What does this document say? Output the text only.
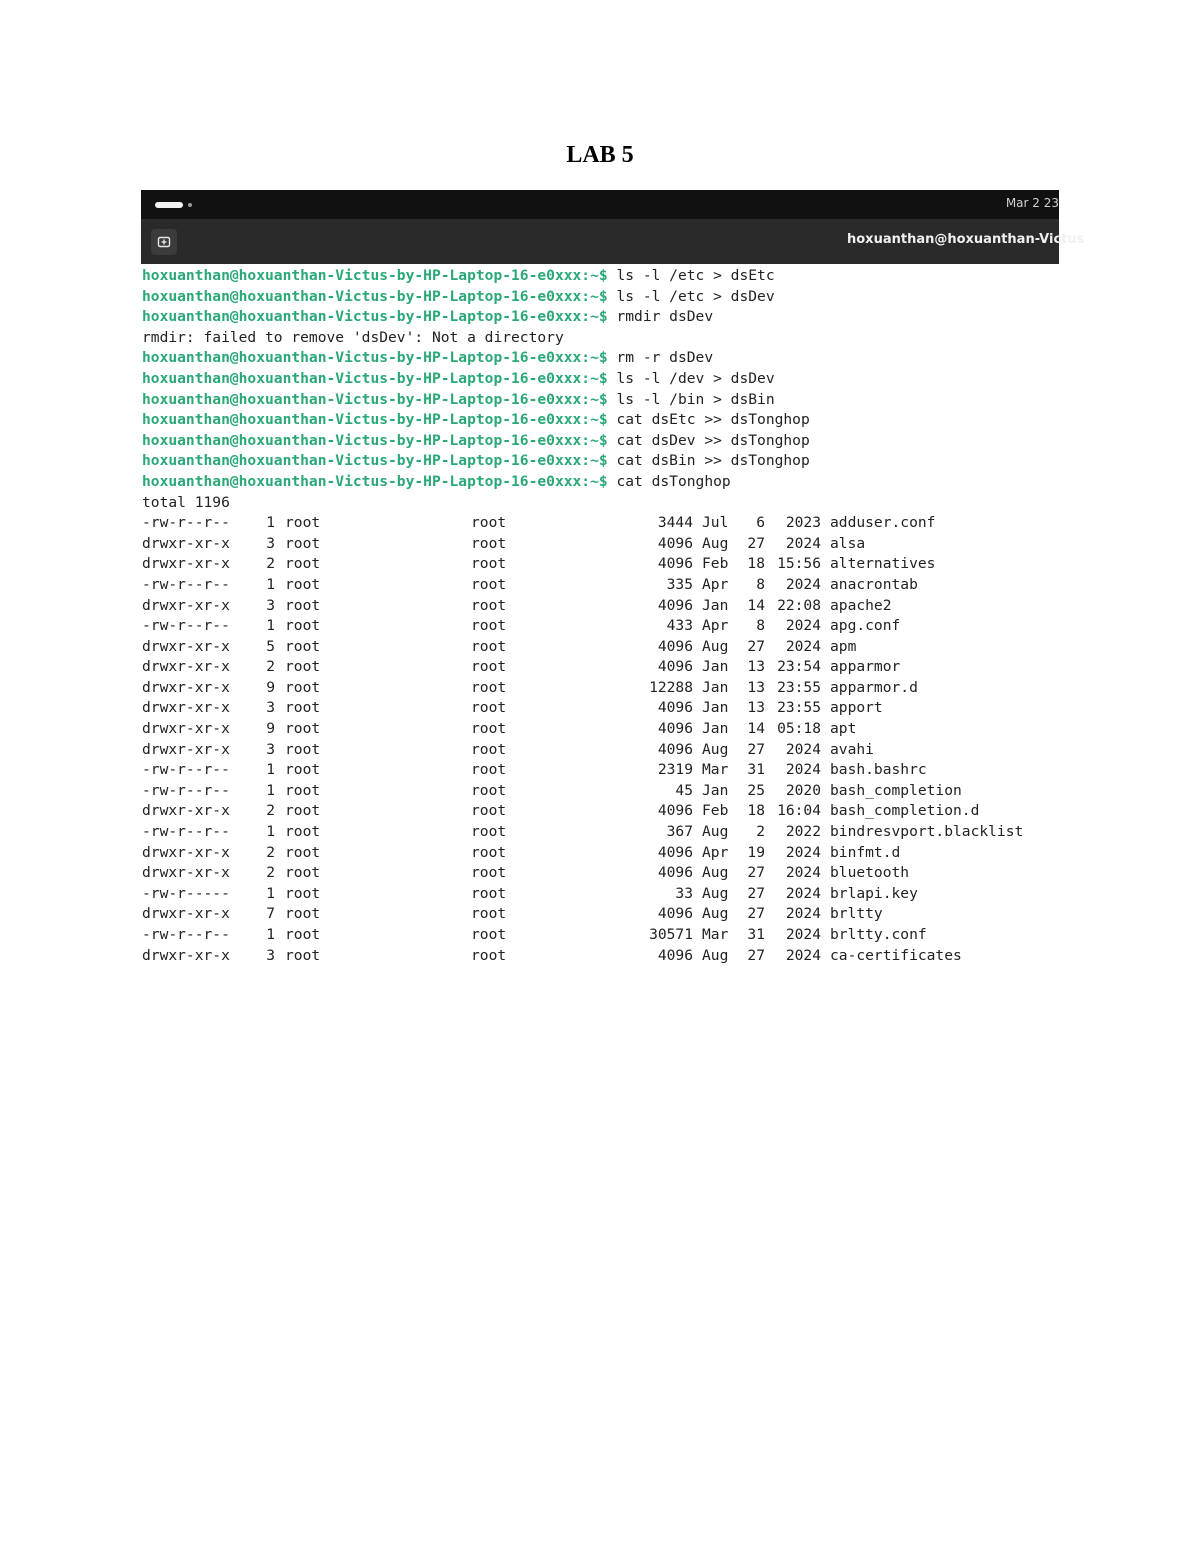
LAB 5
Mar 2 23
hoxuanthan@hoxuanthan-Victus
hoxuanthan@hoxuanthan-Victus-by-HP-Laptop-16-e0xxx:~$ ls -l /etc > dsEtc
hoxuanthan@hoxuanthan-Victus-by-HP-Laptop-16-e0xxx:~$ ls -l /etc > dsDev
hoxuanthan@hoxuanthan-Victus-by-HP-Laptop-16-e0xxx:~$ rmdir dsDev
rmdir: failed to remove 'dsDev': Not a directory
hoxuanthan@hoxuanthan-Victus-by-HP-Laptop-16-e0xxx:~$ rm -r dsDev
hoxuanthan@hoxuanthan-Victus-by-HP-Laptop-16-e0xxx:~$ ls -l /dev > dsDev
hoxuanthan@hoxuanthan-Victus-by-HP-Laptop-16-e0xxx:~$ ls -l /bin > dsBin
hoxuanthan@hoxuanthan-Victus-by-HP-Laptop-16-e0xxx:~$ cat dsEtc >> dsTonghop
hoxuanthan@hoxuanthan-Victus-by-HP-Laptop-16-e0xxx:~$ cat dsDev >> dsTonghop
hoxuanthan@hoxuanthan-Victus-by-HP-Laptop-16-e0xxx:~$ cat dsBin >> dsTonghop
hoxuanthan@hoxuanthan-Victus-by-HP-Laptop-16-e0xxx:~$ cat dsTonghop
total 1196
-rw-r--r-- 1 root	root	3444 Jul 6 2023 adduser.conf
drwxr-xr-x 3 root	root	4096 Aug 27 2024 alsa
drwxr-xr-x 2 root	root	4096 Feb 18 15:56 alternatives
-rw-r--r-- 1 root	root	335 Apr 8 2024 anacrontab
drwxr-xr-x 3 root	root	4096 Jan 14 22:08 apache2
-rw-r--r-- 1 root	root	433 Apr 8 2024 apg.conf
drwxr-xr-x 5 root	root	4096 Aug 27 2024 apm
drwxr-xr-x 2 root	root	4096 Jan 13 23:54 apparmor
drwxr-xr-x 9 root	root	12288 Jan 13 23:55 apparmor.d
drwxr-xr-x 3 root	root	4096 Jan 13 23:55 apport
drwxr-xr-x 9 root	root	4096 Jan 14 05:18 apt
drwxr-xr-x 3 root	root	4096 Aug 27 2024 avahi
-rw-r--r-- 1 root	root	2319 Mar 31 2024 bash.bashrc
-rw-r--r-- 1 root	root	45 Jan 25 2020 bash_completion
drwxr-xr-x 2 root	root	4096 Feb 18 16:04 bash_completion.d
-rw-r--r-- 1 root	root	367 Aug 2 2022 bindresvport.blacklist
drwxr-xr-x 2 root	root	4096 Apr 19 2024 binfmt.d
drwxr-xr-x 2 root	root	4096 Aug 27 2024 bluetooth
-rw-r----- 1 root	root	33 Aug 27 2024 brlapi.key
drwxr-xr-x 7 root	root	4096 Aug 27 2024 brltty
-rw-r--r-- 1 root	root	30571 Mar 31 2024 brltty.conf
drwxr-xr-x 3 root	root	4096 Aug 27 2024 ca-certificates
